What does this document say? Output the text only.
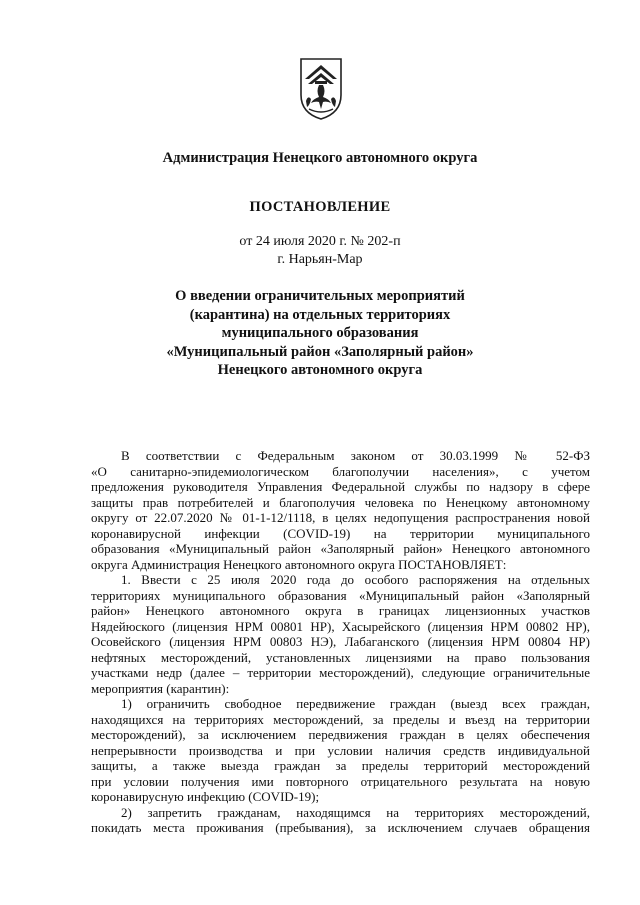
Администрация Ненецкого автономного округа
ПОСТАНОВЛЕНИЕ
от 24 июля 2020 г. № 202-п
г. Нарьян-Мар
О введении ограничительных мероприятий
(карантина) на отдельных территориях
муниципального образования
«Муниципальный район «Заполярный район»
Ненецкого автономного округа

В соответствии с Федеральным законом от 30.03.1999 № 52-ФЗ

«О санитарно-эпидемиологическом благополучии населения», с учетом

предложения руководителя Управления Федеральной службы по надзору в сфере

защиты прав потребителей и благополучия человека по Ненецкому автономному

округу от 22.07.2020 № 01-1-12/1118, в целях недопущения распространения новой

коронавирусной инфекции (COVID-19) на территории муниципального

образования «Муниципальный район «Заполярный район» Ненецкого автономного

округа Администрация Ненецкого автономного округа ПОСТАНОВЛЯЕТ:

1. Ввести с 25 июля 2020 года до особого распоряжения на отдельных

территориях муниципального образования «Муниципальный район «Заполярный

район» Ненецкого автономного округа в границах лицензионных участков

Нядейюского (лицензия НРМ 00801 НР), Хасырейского (лицензия НРМ 00802 НР),

Осовейского (лицензия НРМ 00803 НЭ), Лабаганского (лицензия НРМ 00804 НР)

нефтяных месторождений, установленных лицензиями на право пользования

участками недр (далее – территории месторождений), следующие ограничительные

мероприятия (карантин):

1) ограничить свободное передвижение граждан (выезд всех граждан,

находящихся на территориях месторождений, за пределы и въезд на территории

месторождений), за исключением передвижения граждан в целях обеспечения

непрерывности производства и при условии наличия средств индивидуальной

защиты, а также выезда граждан за пределы территорий месторождений

при условии получения ими повторного отрицательного результата на новую

коронавирусную инфекцию (COVID-19);

2) запретить гражданам, находящимся на территориях месторождений,

покидать места проживания (пребывания), за исключением случаев обращения
